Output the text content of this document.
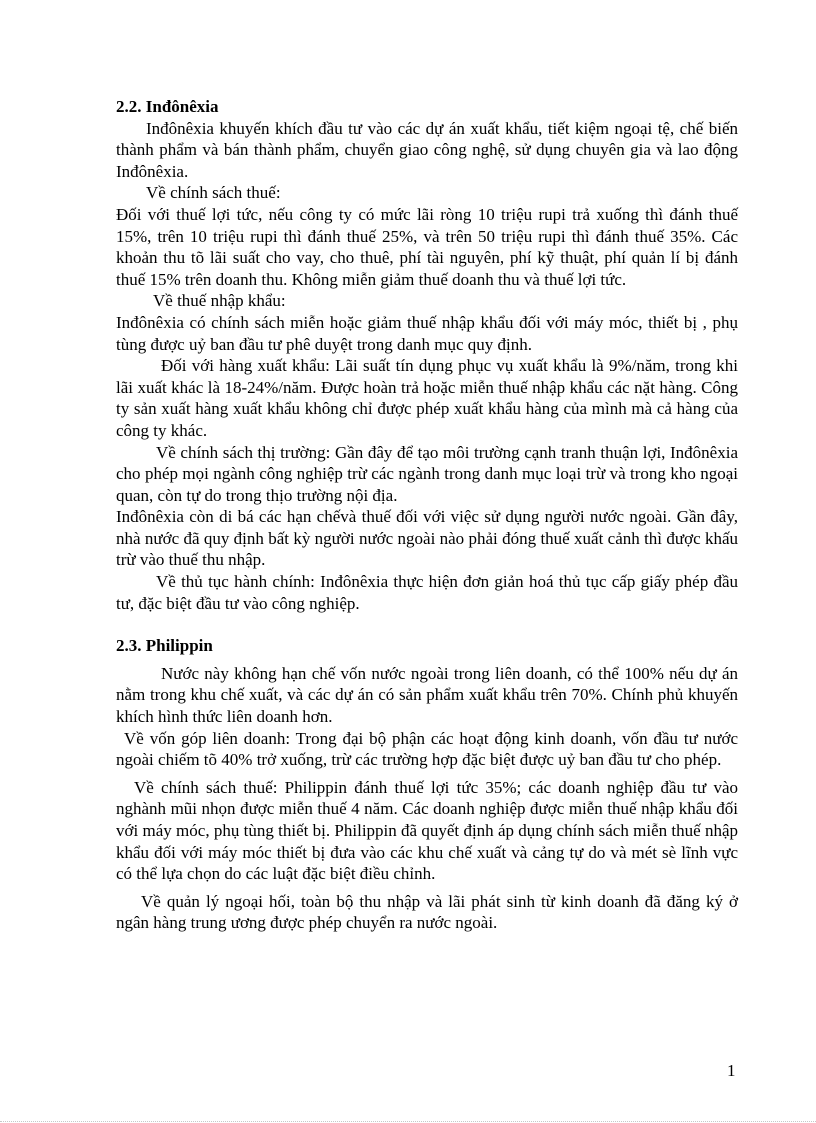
2.2. Inđônêxia

Inđônêxia khuyến khích đầu tư vào các dự án xuất khẩu, tiết kiệm ngoại tệ, chế biến thành phẩm và bán thành phẩm, chuyển giao công nghệ, sử dụng chuyên gia và lao động Inđônêxia.

Về chính sách thuế:

Đối với thuế lợi tức, nếu công ty có mức lãi ròng 10 triệu rupi trả xuống thì đánh thuế 15%, trên 10 triệu rupi thì đánh thuế 25%, và trên 50 triệu rupi thì đánh thuế 35%. Các khoản thu tõ lãi suất cho vay, cho thuê, phí tài nguyên, phí kỹ thuật, phí quản lí bị đánh thuế 15% trên doanh thu. Không miễn giảm thuế doanh thu và thuế lợi tức.

Về thuế nhập khẩu:

Inđônêxia có chính sách miễn hoặc giảm thuế nhập khẩu đối với máy móc, thiết bị , phụ tùng được uỷ ban đầu tư phê duyệt trong danh mục quy định.

Đối với hàng xuất khẩu: Lãi suất tín dụng phục vụ xuất khẩu là 9%/năm, trong khi lãi xuất khác là 18-24%/năm. Được hoàn trả hoặc miễn thuế nhập khẩu các nặt hàng. Công ty sản xuất hàng xuất khẩu không chỉ được phép xuất khẩu hàng của mình mà cả hàng của công ty khác.

Về chính sách thị trường: Gần đây để tạo môi trường cạnh tranh thuận lợi, Inđônêxia cho phép mọi ngành công nghiệp trừ các ngành trong danh mục loại trừ và trong kho ngoại quan, còn tự do trong thịo trường nội địa.

Inđônêxia còn di bá các hạn chếvà thuế đối với việc sử dụng người nước ngoài. Gần đây, nhà nước đã quy định bất kỳ người nước ngoài nào phải đóng thuế xuất cảnh thì được khấu trừ vào thuế thu nhập.

Về thủ tục hành chính: Inđônêxia thực hiện đơn giản hoá thủ tục cấp giấy phép đầu tư, đặc biệt đầu tư vào công nghiệp.

2.3. Philippin

Nước này không hạn chế vốn nước ngoài trong liên doanh, có thể 100% nếu dự án nằm trong khu chế xuất, và các dự án có sản phẩm xuất khẩu trên 70%. Chính phủ khuyến khích hình thức liên doanh hơn.

Về vốn góp liên doanh: Trong đại bộ phận các hoạt động kinh doanh, vốn đầu tư nước ngoài chiếm tõ 40% trở xuống, trừ các trường hợp đặc biệt được uỷ ban đầu tư cho phép.

Về chính sách thuế: Philippin đánh thuế lợi tức 35%; các doanh nghiệp đầu tư vào nghành mũi nhọn được miễn thuế 4 năm. Các doanh nghiệp được miễn thuế nhập khẩu đối với máy móc, phụ tùng thiết bị. Philippin đã quyết định áp dụng chính sách miễn thuế nhập khẩu đối với máy móc thiết bị đưa vào các khu chế xuất và cảng tự do và mét sè lĩnh vực có thể lựa chọn do các luật đặc biệt điều chỉnh.

Về quản lý ngoại hối, toàn bộ thu nhập và lãi phát sinh từ kinh doanh đã đăng ký ở ngân hàng trung ương được phép chuyển ra nước ngoài.

1
